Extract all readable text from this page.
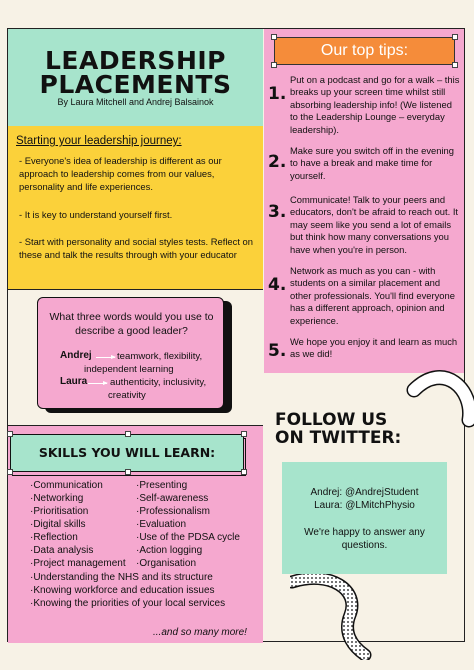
LEADERSHIP
PLACEMENTS
By Laura Mitchell and Andrej Balsainok
Starting your leadership journey:

- Everyone's idea of leadership is different as our approach to leadership comes from our values, personality and life experiences.

- It is key to understand yourself first.

- Start with personality and social styles tests. Reflect on these and talk the results through with your educator

What three words would you use to
describe a good leader?
Andrej	teamwork, flexibility,
independent learning
Laura authenticity, inclusivity,
creativity
SKILLS YOU WILL LEARN:
·Communication
·Networking
·Prioritisation
·Digital skills
·Reflection
·Data analysis
·Project management
·Presenting
·Self-awareness
·Professionalism
·Evaluation
·Use of the PDSA cycle
·Action logging
·Organisation
·Understanding the NHS and its structure
·Knowing workforce and education issues
·Knowing the priorities of your local services
...and so many more!
Our top tips:
1.

Put on a podcast and go for a walk – this breaks up your screen time whilst still absorbing leadership info! (We listened to the Leadership Lounge – everyday leadership).

2.

Make sure you switch off in the evening to have a break and make time for yourself.

3.

Communicate! Talk to your peers and educators, don't be afraid to reach out. It may seem like you send a lot of emails but think how many conversations you have when you're in person.

4.

Network as much as you can - with students on a similar placement and other professionals. You'll find everyone has a different approach, opinion and experience.

5. We hope you enjoy it and learn as much as we did!

FOLLOW US
ON TWITTER:

Andrej: @AndrejStudent

Laura: @LMitchPhysio

We're happy to answer any questions.
